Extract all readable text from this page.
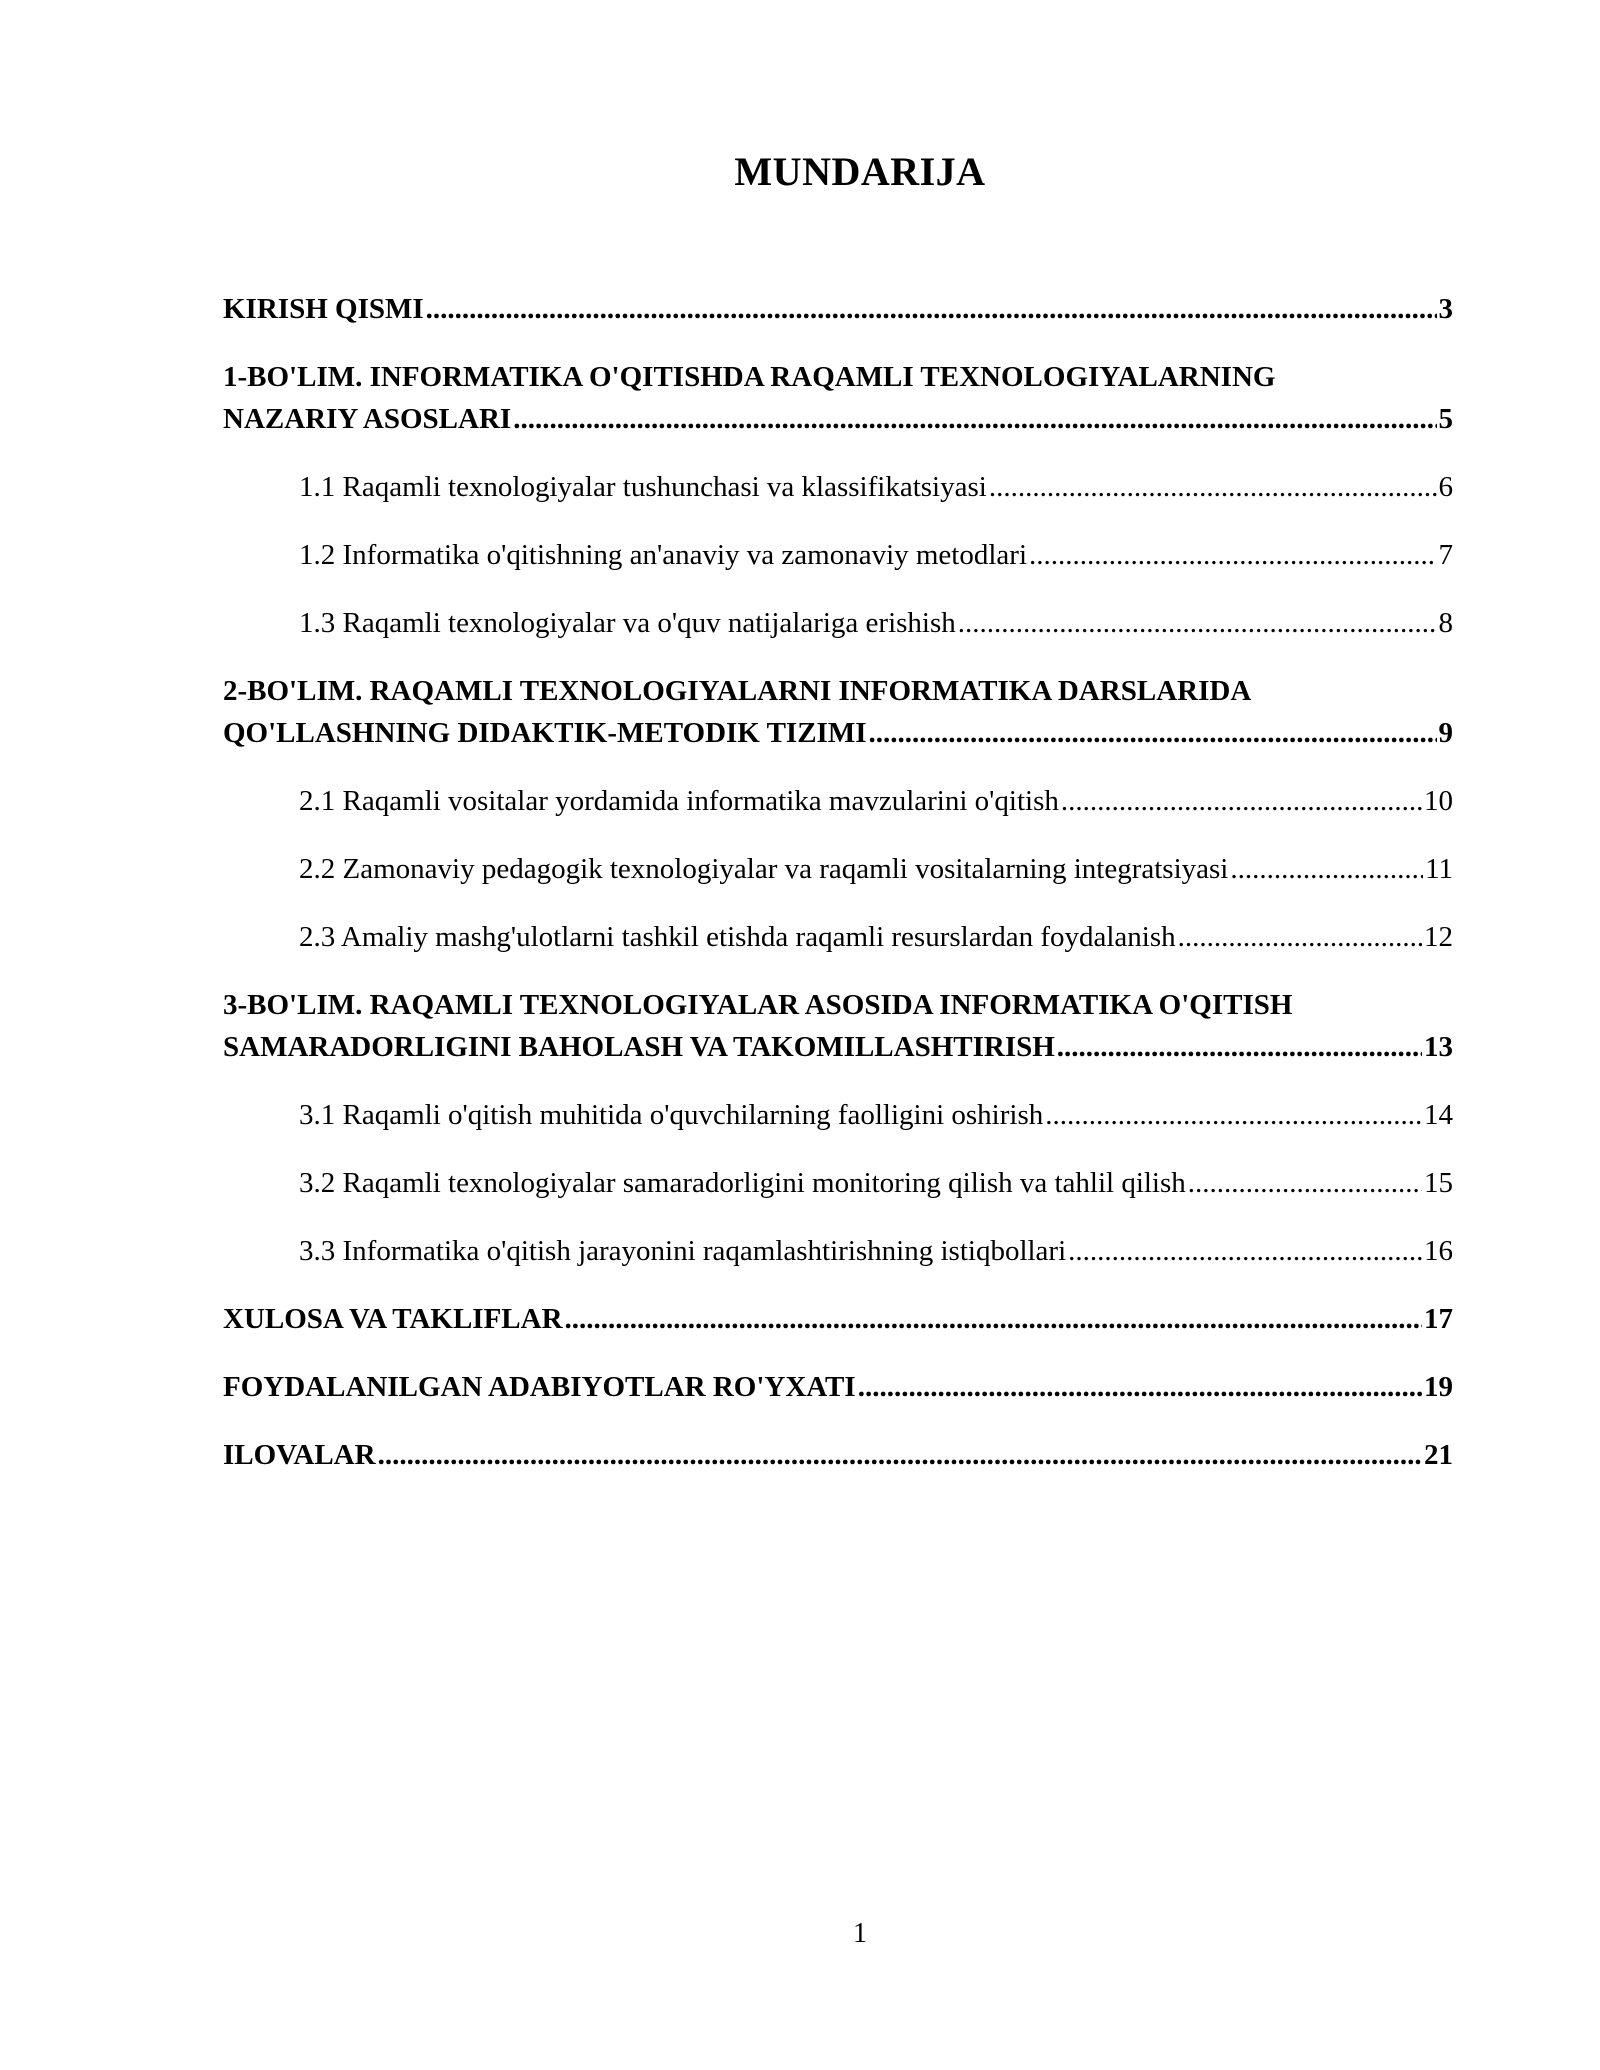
MUNDARIJA
KIRISH QISMI .....	3
1-BO'LIM. INFORMATIKA O'QITISHDA RAQAMLI TEXNOLOGIYALARNING
NAZARIY ASOSLARI .....	5
1.1 Raqamli texnologiyalar tushunchasi va klassifikatsiyasi .....	6
1.2 Informatika o'qitishning an'anaviy va zamonaviy metodlari .....	7
1.3 Raqamli texnologiyalar va o'quv natijalariga erishish .....	8
2-BO'LIM. RAQAMLI TEXNOLOGIYALARNI INFORMATIKA DARSLARIDA
QO'LLASHNING DIDAKTIK-METODIK TIZIMI .....	9
2.1 Raqamli vositalar yordamida informatika mavzularini o'qitish .....	10
2.2 Zamonaviy pedagogik texnologiyalar va raqamli vositalarning integratsiyasi .....	11
2.3 Amaliy mashg'ulotlarni tashkil etishda raqamli resurslardan foydalanish .....	12
3-BO'LIM. RAQAMLI TEXNOLOGIYALAR ASOSIDA INFORMATIKA O'QITISH
SAMARADORLIGINI BAHOLASH VA TAKOMILLASHTIRISH .....	13
3.1 Raqamli o'qitish muhitida o'quvchilarning faolligini oshirish .....	14
3.2 Raqamli texnologiyalar samaradorligini monitoring qilish va tahlil qilish .....	15
3.3 Informatika o'qitish jarayonini raqamlashtirishning istiqbollari .....	16
XULOSA VA TAKLIFLAR .....	17
FOYDALANILGAN ADABIYOTLAR RO'YXATI .....	19
ILOVALAR .....	21
1
